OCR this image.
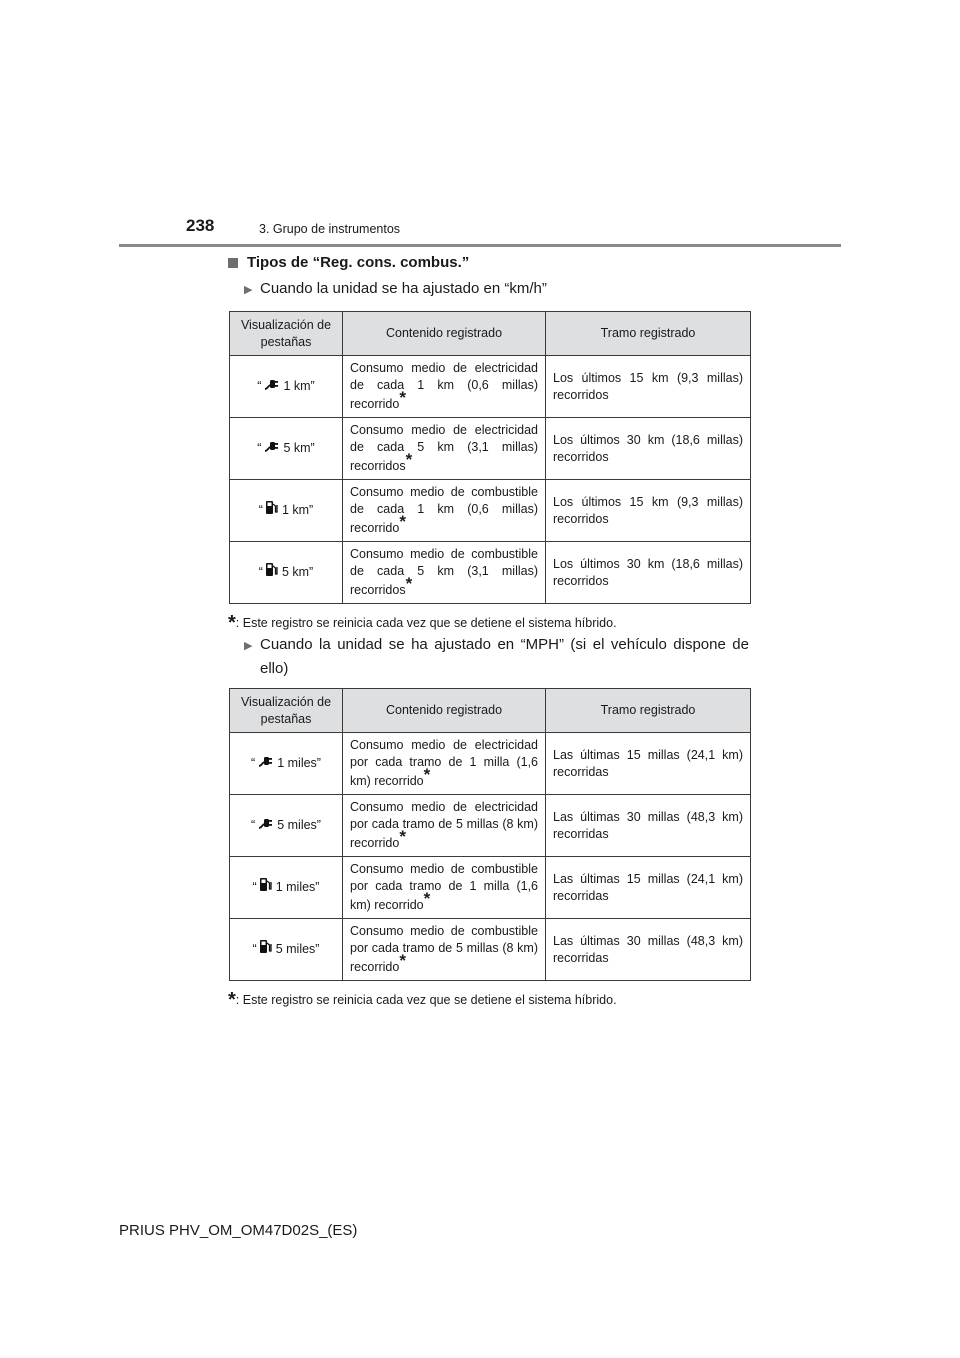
238	3. Grupo de instrumentos
Tipos de “Reg. cons. combus.”
▶ Cuando la unidad se ha ajustado en “km/h”
Visualización de pestañas	Contenido registrado	Tramo registrado
“ 1 km”	Consumo medio de electricidad de cada 1 km (0,6 millas) recorrido*	Los últimos 15 km (9,3 millas) recorridos
“ 5 km”	Consumo medio de electricidad de cada 5 km (3,1 millas) recorridos*	Los últimos 30 km (18,6 millas) recorridos
“ 1 km”	Consumo medio de combustible de cada 1 km (0,6 millas) recorrido*	Los últimos 15 km (9,3 millas) recorridos
“ 5 km”	Consumo medio de combustible de cada 5 km (3,1 millas) recorridos*	Los últimos 30 km (18,6 millas) recorridos
*: Este registro se reinicia cada vez que se detiene el sistema híbrido.
▶ Cuando la unidad se ha ajustado en “MPH” (si el vehículo dispone de ello)
Visualización de pestañas	Contenido registrado	Tramo registrado
“ 1 miles”	Consumo medio de electricidad por cada tramo de 1 milla (1,6 km) recorrido*	Las últimas 15 millas (24,1 km) recorridas
“ 5 miles”	Consumo medio de electricidad por cada tramo de 5 millas (8 km) recorrido*	Las últimas 30 millas (48,3 km) recorridas
“ 1 miles”	Consumo medio de combustible por cada tramo de 1 milla (1,6 km) recorrido*	Las últimas 15 millas (24,1 km) recorridas
“ 5 miles”	Consumo medio de combustible por cada tramo de 5 millas (8 km) recorrido*	Las últimas 30 millas (48,3 km) recorridas
*: Este registro se reinicia cada vez que se detiene el sistema híbrido.
PRIUS PHV_OM_OM47D02S_(ES)
